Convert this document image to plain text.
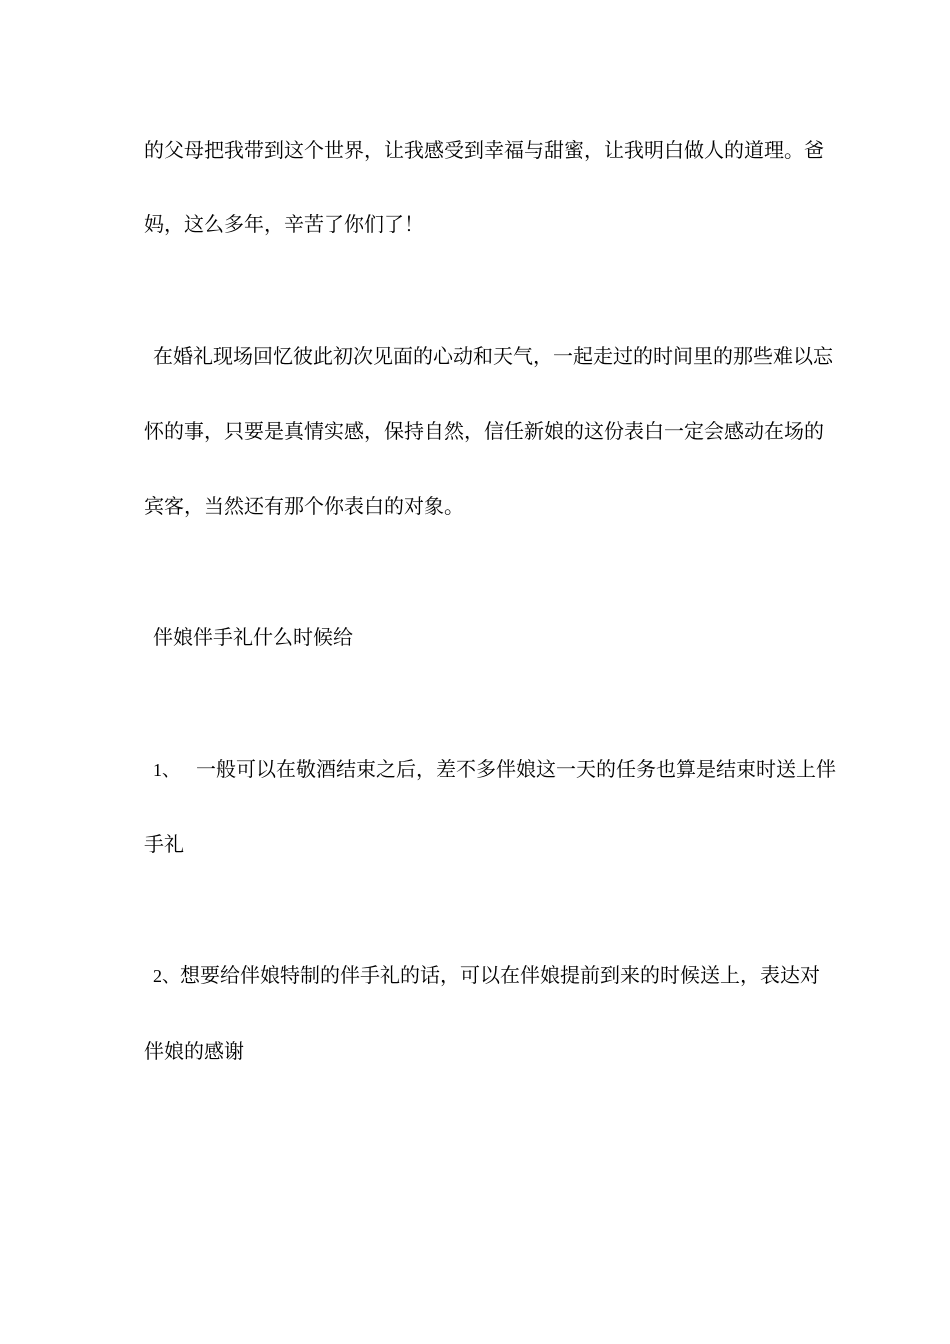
的父母把我带到这个世界，让我感受到幸福与甜蜜，让我明白做人的道理。爸
妈，这么多年，辛苦了你们了！
在婚礼现场回忆彼此初次见面的心动和天气，一起走过的时间里的那些难以忘
怀的事，只要是真情实感，保持自然，信任新娘的这份表白一定会感动在场的
宾客，当然还有那个你表白的对象。
伴娘伴手礼什么时候给
1、 一般可以在敬酒结束之后，差不多伴娘这一天的任务也算是结束时送上伴
手礼
2、想要给伴娘特制的伴手礼的话，可以在伴娘提前到来的时候送上，表达对
伴娘的感谢
